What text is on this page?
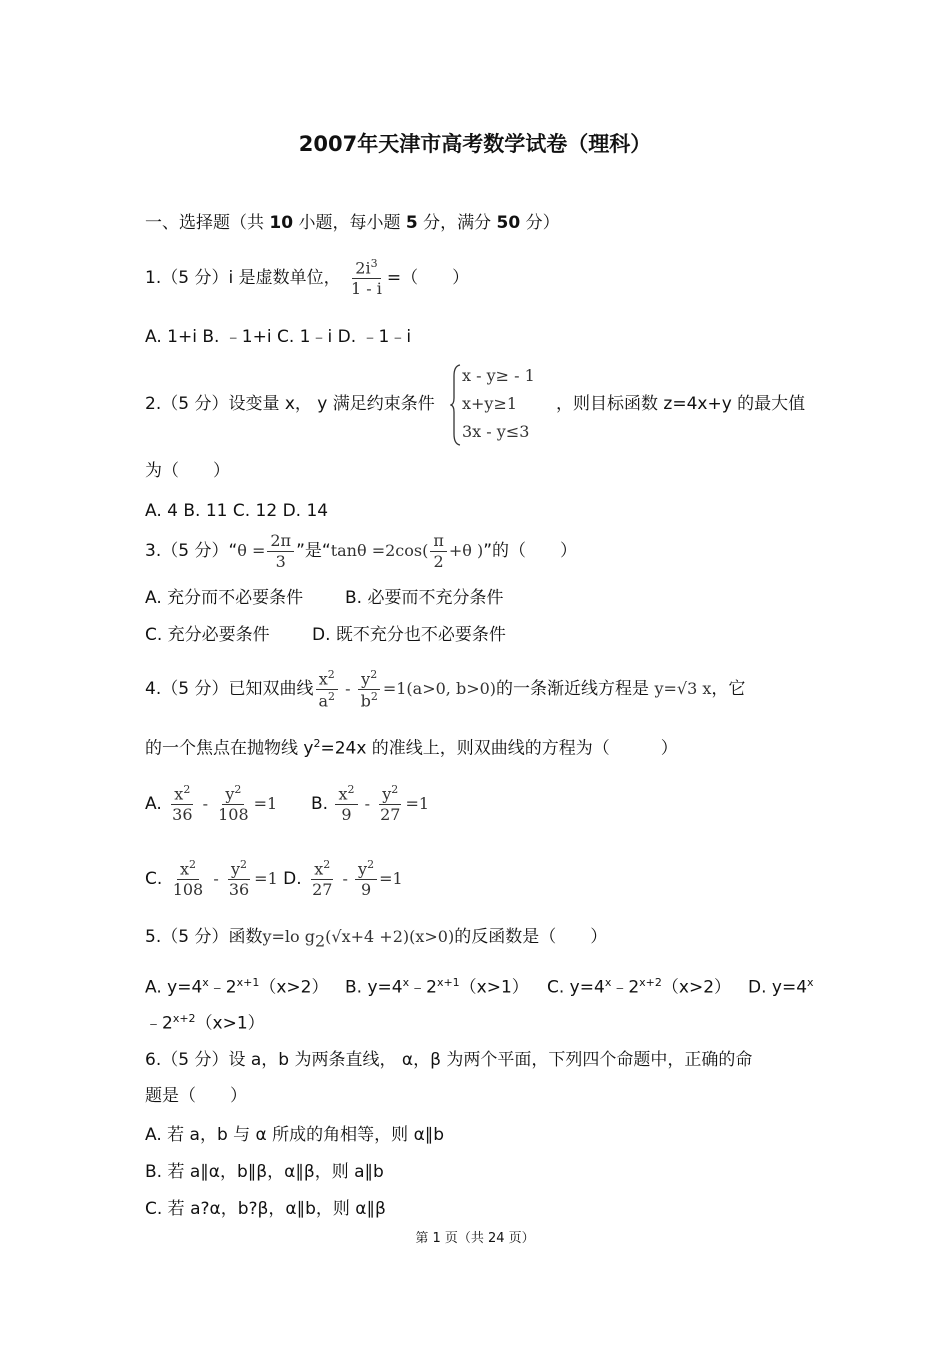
2007年天津市高考数学试卷（理科）
一、选择题（共 10 小题，每小题 5 分，满分 50 分）
1.（5 分）i 是虚数单位， $\frac{2i^3}{1 - i}$ =（　　）
A. 1+i B. ﹣1+i C. 1﹣i D. ﹣1﹣i
2.（5 分）设变量 x， y 满足约束条件
x - y≥ - 1
x+y≥1
3x - y≤3
，则目标函数 z=4x+y 的最大值
为（　　）
A. 4 B. 11 C. 12 D. 14
3.（5 分）“θ = $\frac{2\pi}{3}$ ”是“$\tan\theta =2\cos( \frac{\pi}{2} +\theta$ )”的（　　）
A. 充分而不必要条件 B. 必要而不充分条件
C. 充分必要条件 D. 既不充分也不必要条件
4.（5 分）已知双曲线 $\frac{x^2}{a^2} - \frac{y^2}{b^2} =1(a>0$, b>0)的一条渐近线方程是 y=√3 x，它
的一个焦点在抛物线 $y^2=24x$ 的准线上，则双曲线的方程为（　　　）
A. $\frac{x^2}{36} - \frac{y^2}{108} =1$ B. $\frac{x^2}{9} - \frac{y^2}{27} =1$
C. $\frac{x^2}{108} - \frac{y^2}{36} =1$ D. $\frac{x^2}{27} - \frac{y^2}{9} =1$
5.（5 分）函数y=lo $g_2(√x+4 +2)(x>0)$的反函数是（　　）
A. $y=4^x﹣2^{x+1}(x>2)$ B. $y=4^x﹣2^{x+1}(x>1)$ C. $y=4^x﹣2^{x+2}(x>2)$ D. $y=4^x$
$﹣2^{x+2}(x>1)$
6.（5 分）设 a，b 为两条直线， α，β 为两个平面，下列四个命题中，正确的命
题是（　　）
A. 若 a，b 与 α 所成的角相等，则 α∥b
B. 若 a∥α，b∥β，α∥β，则 a∥b
C. 若 a?α，b?β，α∥b，则 α∥β
第 1 页（共 24 页）
